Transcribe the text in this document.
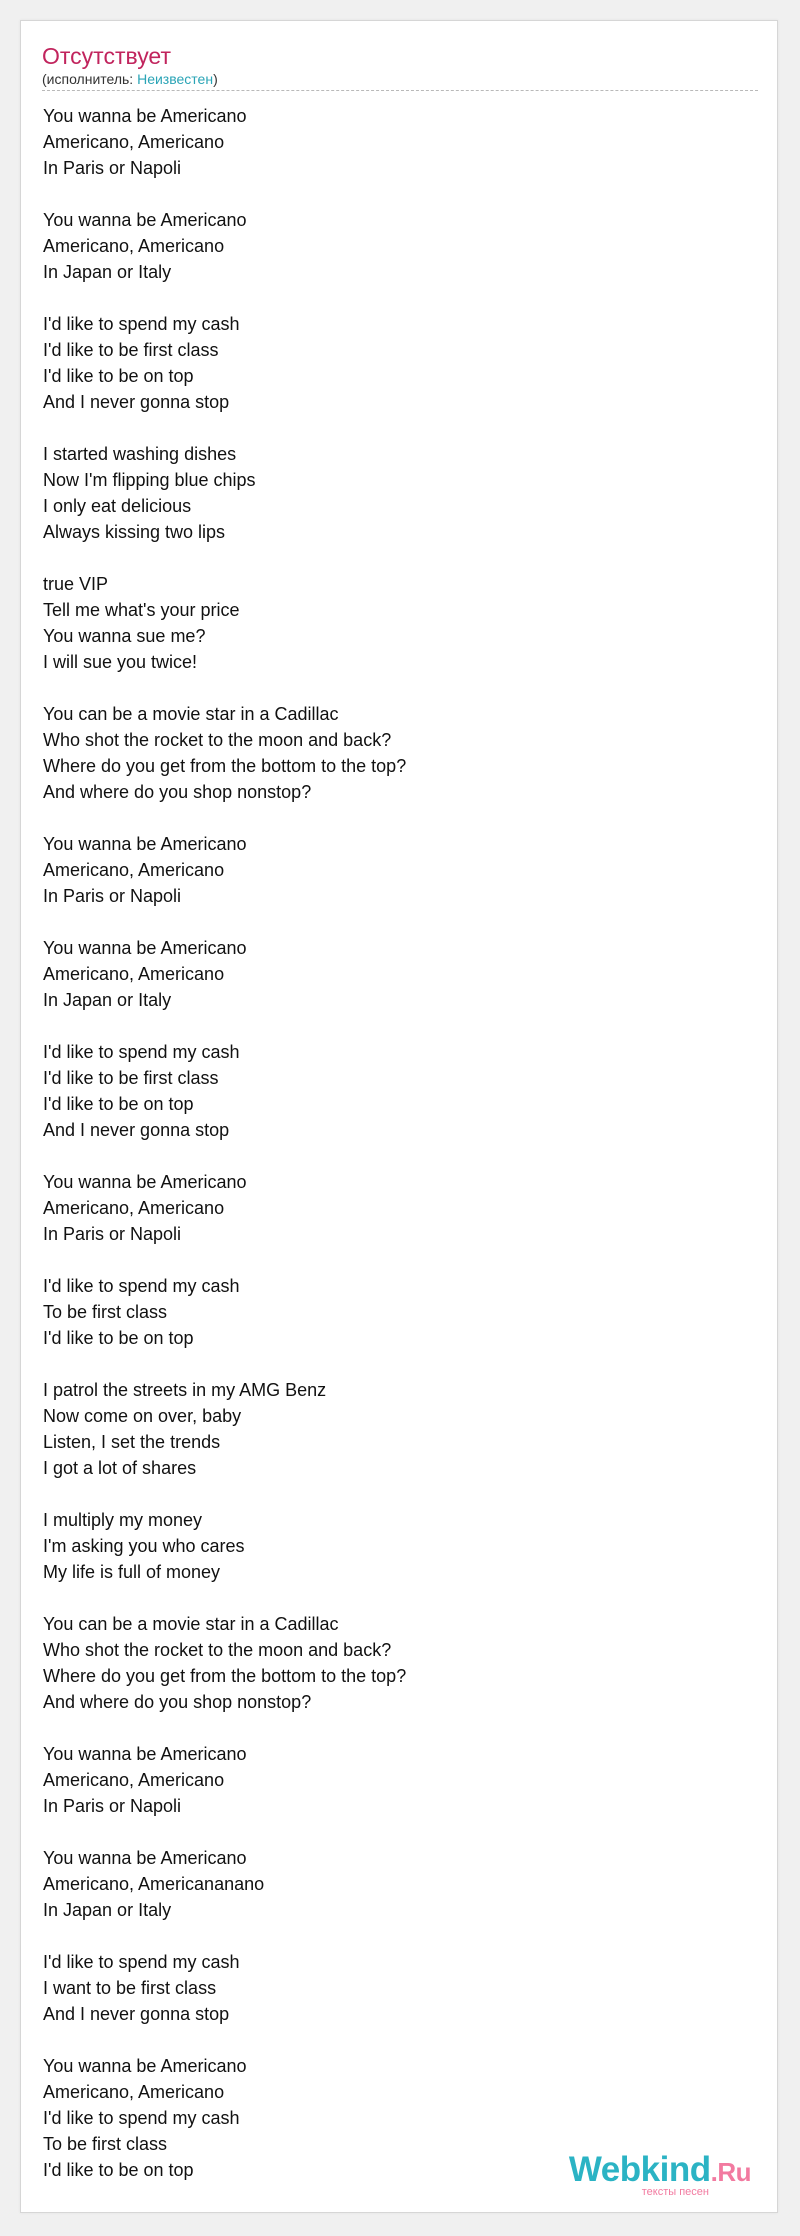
Отсутствует
(исполнитель: Неизвестен)
You wanna be Americano
Americano, Americano
In Paris or Napoli
You wanna be Americano
Americano, Americano
In Japan or Italy
I'd like to spend my cash
I'd like to be first class
I'd like to be on top
And I never gonna stop
I started washing dishes
Now I'm flipping blue chips
I only eat delicious
Always kissing two lips
true VIP
Tell me what's your price
You wanna sue me?
I will sue you twice!
You can be a movie star in a Cadillac
Who shot the rocket to the moon and back?
Where do you get from the bottom to the top?
And where do you shop nonstop?
You wanna be Americano
Americano, Americano
In Paris or Napoli
You wanna be Americano
Americano, Americano
In Japan or Italy
I'd like to spend my cash
I'd like to be first class
I'd like to be on top
And I never gonna stop
You wanna be Americano
Americano, Americano
In Paris or Napoli
I'd like to spend my cash
To be first class
I'd like to be on top
I patrol the streets in my AMG Benz
Now come on over, baby
Listen, I set the trends
I got a lot of shares
I multiply my money
I'm asking you who cares
My life is full of money
You can be a movie star in a Cadillac
Who shot the rocket to the moon and back?
Where do you get from the bottom to the top?
And where do you shop nonstop?
You wanna be Americano
Americano, Americano
In Paris or Napoli
You wanna be Americano
Americano, Americananano
In Japan or Italy
I'd like to spend my cash
I want to be first class
And I never gonna stop
You wanna be Americano
Americano, Americano
I'd like to spend my cash
To be first class
I'd like to be on top	Webkind.Ru
тексты песен
